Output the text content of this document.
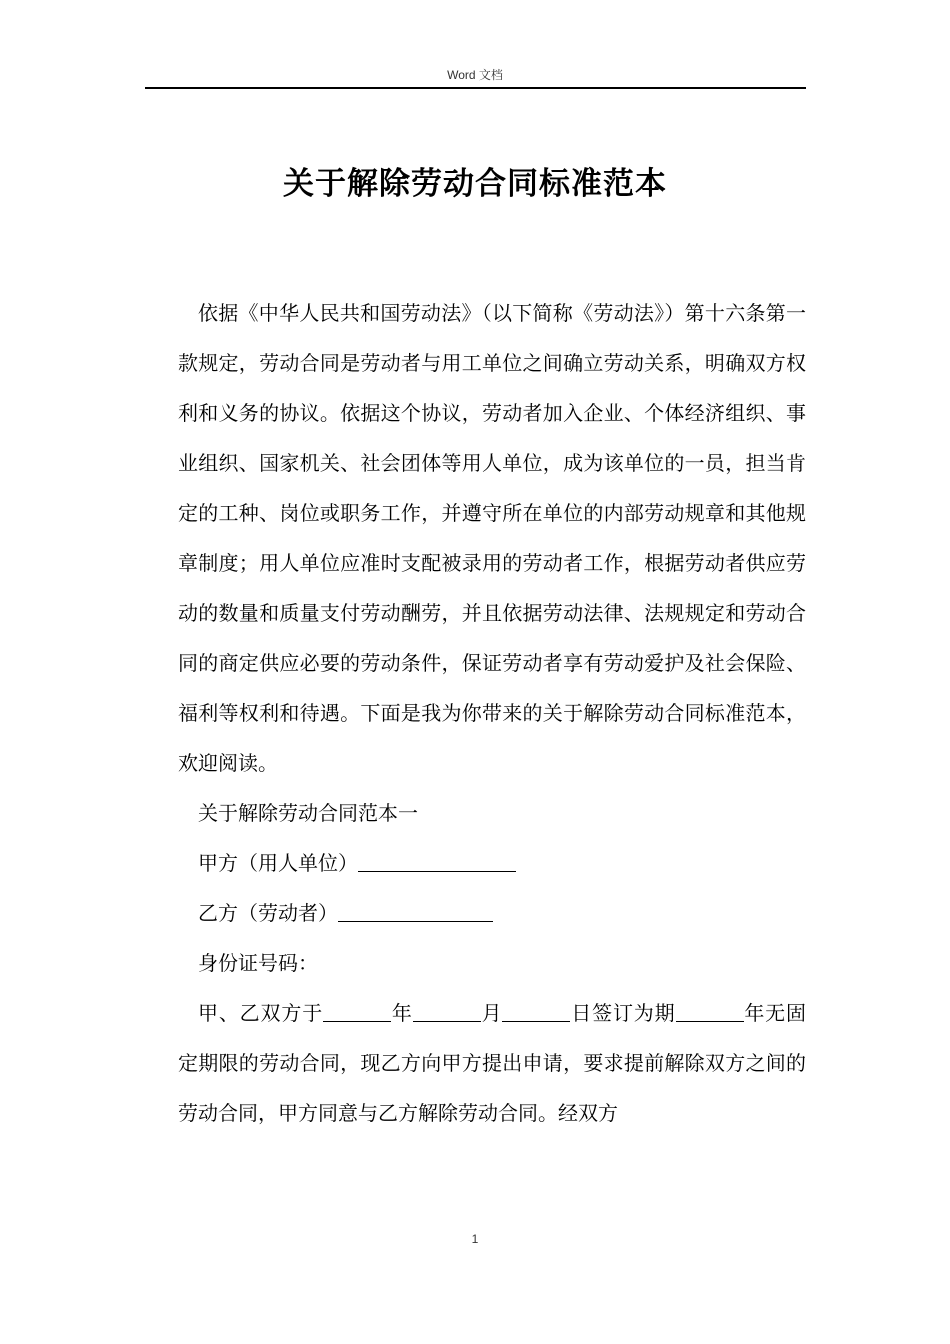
Word 文档
关于解除劳动合同标准范本

依据《中华人民共和国劳动法》（以下简称《劳动法》）第十六条第一款规定，劳动合同是劳动者与用工单位之间确立劳动关系，明确双方权利和义务的协议。依据这个协议，劳动者加入企业、个体经济组织、事业组织、国家机关、社会团体等用人单位，成为该单位的一员，担当肯定的工种、岗位或职务工作，并遵守所在单位的内部劳动规章和其他规章制度；用人单位应准时支配被录用的劳动者工作，根据劳动者供应劳动的数量和质量支付劳动酬劳，并且依据劳动法律、法规规定和劳动合同的商定供应必要的劳动条件，保证劳动者享有劳动爱护及社会保险、福利等权利和待遇。下面是我为你带来的关于解除劳动合同标准范本，欢迎阅读。

关于解除劳动合同范本一

甲方（用人单位）

乙方（劳动者）

身份证号码：

甲、乙双方于	年	月	日签订为期	年无固定期限的劳动合同，现乙方向甲方提出申请，要求提前解除双方之间的劳动合同，甲方同意与乙方解除劳动合同。经双方

1
